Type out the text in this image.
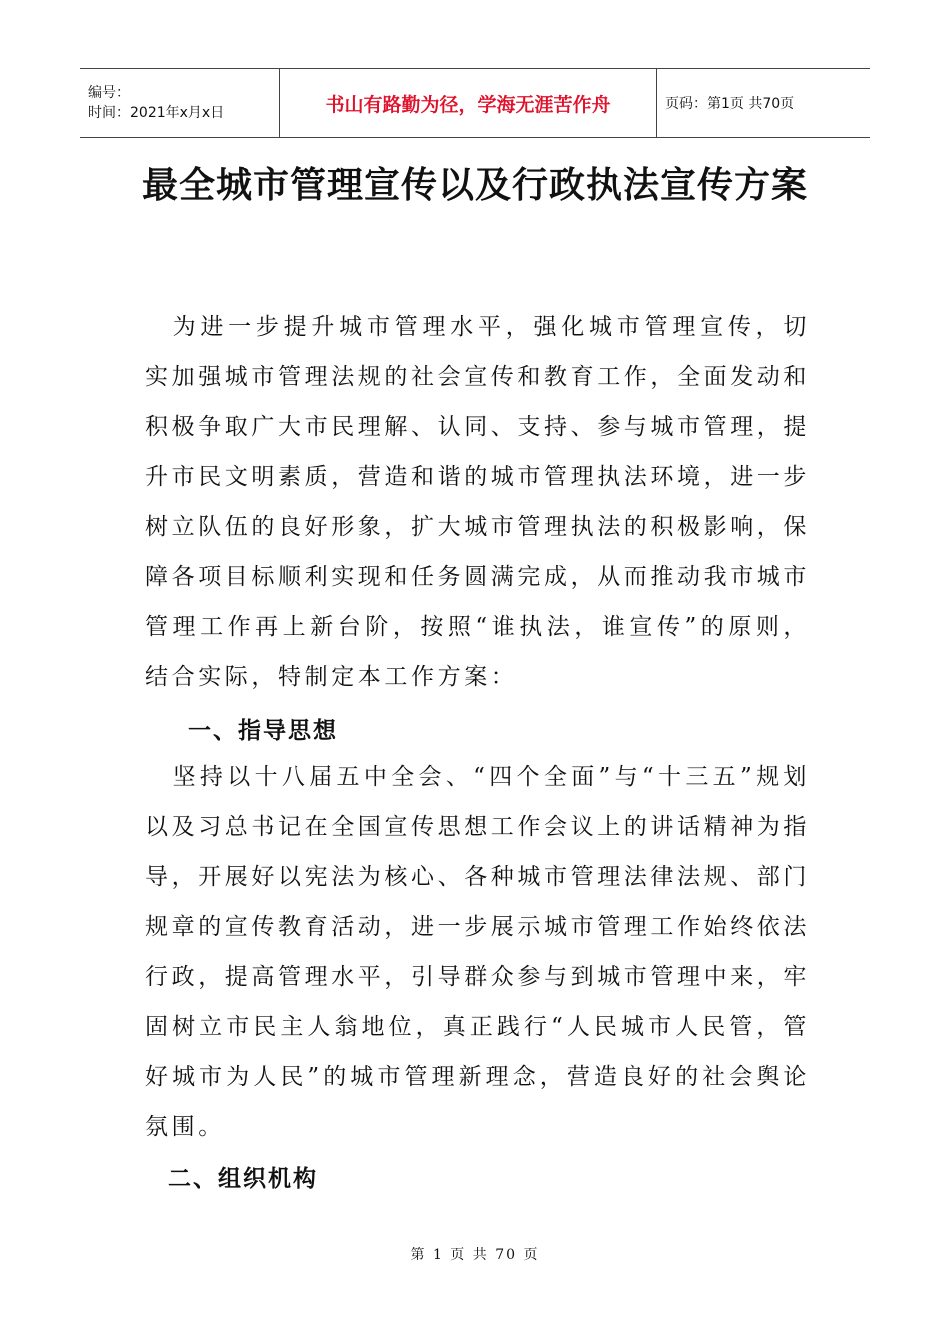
编号：
时间：2021年x月x日	书山有路勤为径，学海无涯苦作舟	页码：第1页 共70页
最全城市管理宣传以及行政执法宣传方案

为进一步提升城市管理水平，强化城市管理宣传，切实加强城市管理法规的社会宣传和教育工作，全面发动和积极争取广大市民理解、认同、支持、参与城市管理，提升市民文明素质，营造和谐的城市管理执法环境，进一步树立队伍的良好形象，扩大城市管理执法的积极影响，保障各项目标顺利实现和任务圆满完成，从而推动我市城市管理工作再上新台阶，按照“谁执法，谁宣传”的原则，结合实际，特制定本工作方案：

一、指导思想

坚持以十八届五中全会、“四个全面”与“十三五”规划以及习总书记在全国宣传思想工作会议上的讲话精神为指导，开展好以宪法为核心、各种城市管理法律法规、部门规章的宣传教育活动，进一步展示城市管理工作始终依法行政，提高管理水平，引导群众参与到城市管理中来，牢固树立市民主人翁地位，真正践行“人民城市人民管，管好城市为人民”的城市管理新理念，营造良好的社会舆论氛围。

二、组织机构
第 1 页 共 70 页
